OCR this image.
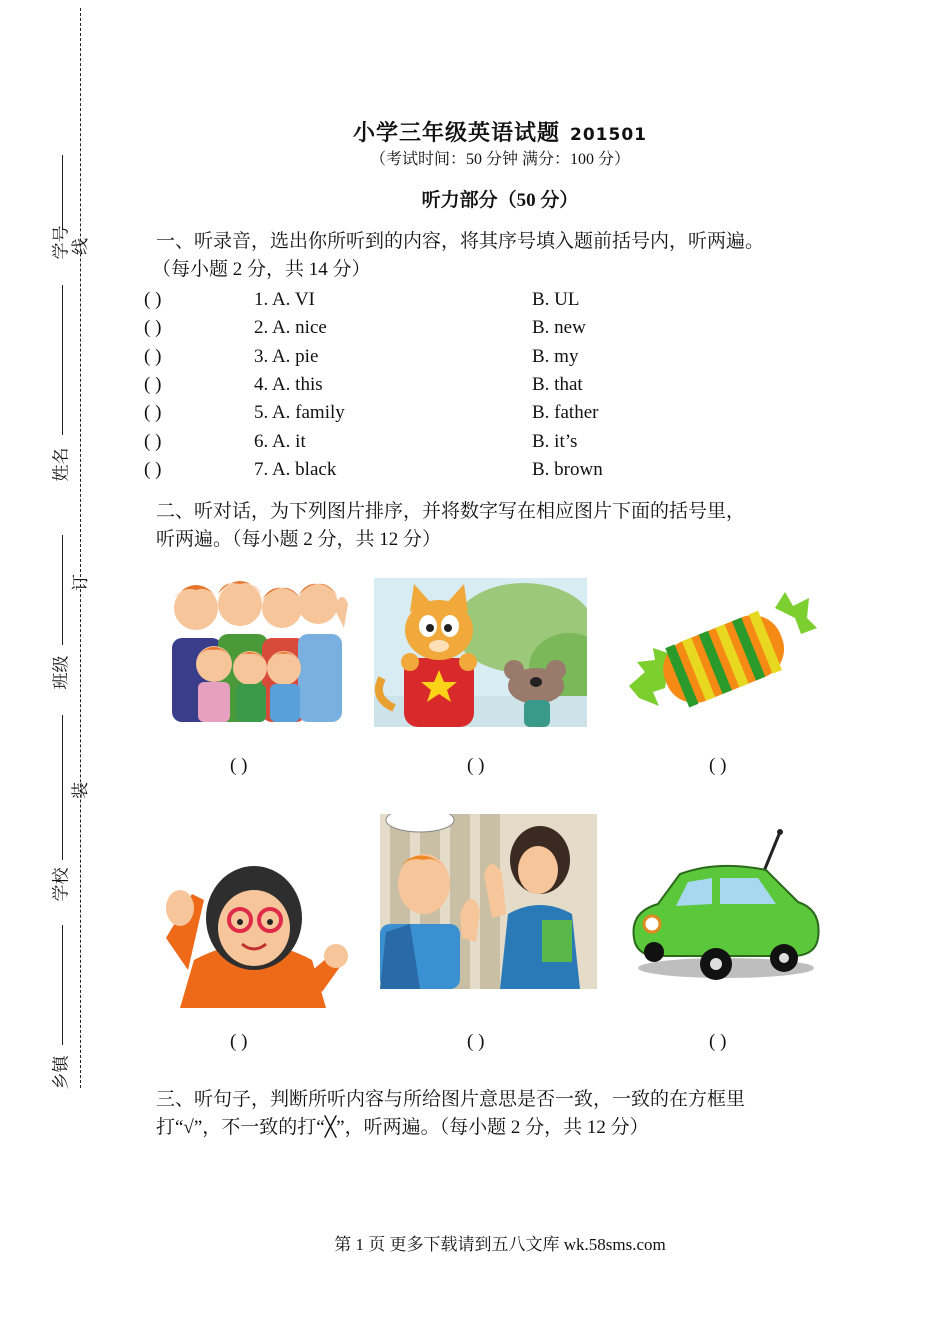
学号 线
姓名
订
班级
装
学校
乡镇
小学三年级英语试题 201501
（考试时间：50 分钟 满分：100 分）
听力部分（50 分）
一、听录音，选出你所听到的内容，将其序号填入题前括号内，听两遍。
（每小题 2 分，共 14 分）
( )	1. A. VI	B. UL
( )	2. A. nice	B. new
( )	3. A. pie	B. my
( )	4. A. this	B. that
( )	5. A. family	B. father
( )	6. A. it	B. it’s
( )	7. A. black	B. brown
二、听对话，为下列图片排序，并将数字写在相应图片下面的括号里，
听两遍。（每小题 2 分，共 12 分）
( )	( )	( )
( )	( )	( )
三、听句子，判断所听内容与所给图片意思是否一致，一致的在方框里
打“√”，不一致的打“╳”，听两遍。（每小题 2 分，共 12 分）
第 1 页 更多下载请到五八文库 wk.58sms.com
